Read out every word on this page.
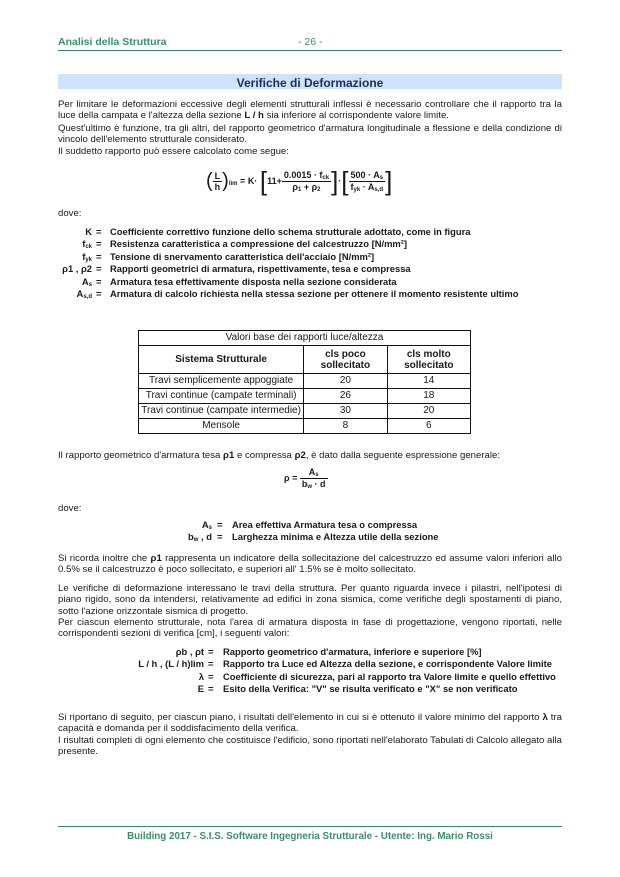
Analisi della Struttura	- 26 -
Verifiche di Deformazione
Per limitare le deformazioni eccessive degli elementi strutturali inflessi è necessario controllare che il rapporto tra la luce della campata e l'altezza della sezione L / h sia inferiore al corrispondente valore limite.
Quest'ultimo è funzione, tra gli altri, del rapporto geometrico d'armatura longitudinale a flessione e della condizione di vincolo dell'elemento strutturale considerato.
Il suddetto rapporto può essere calcolato come segue:
( $\frac{L}{h} )_{lim} = K\cdot [11+ \frac{0.0015 \cdot f_{ck}}{\rho_1 + \rho_2}$ ]·[ $\frac{500 \cdot A_s}{f_{yk} \cdot A_{s,d}}$ ]
dove:
K = Coefficiente correttivo funzione dello schema strutturale adottato, come in figura
$f_{ck}$ = Resistenza caratteristica a compressione del calcestruzzo [N/mm²]
$f_{yk}$ = Tensione di snervamento caratteristica dell'acciaio [N/mm²]
ρ1 , ρ2 = Rapporti geometrici di armatura, rispettivamente, tesa e compressa
$A_s$ = Armatura tesa effettivamente disposta nella sezione considerata
$A_{s,d}$ = Armatura di calcolo richiesta nella stessa sezione per ottenere il momento resistente ultimo
Valori base dei rapporti luce/altezza		
Sistema Strutturale	cls poco sollecitato	cls molto sollecitato
Travi semplicemente appoggiate	20	14
Travi continue (campate terminali)	26	18
Travi continue (campate intermedie)	30	20
Mensole	8	6
Il rapporto geometrico d'armatura tesa ρ1 e compressa ρ2, è dato dalla seguente espressione generale:
$\rho = \frac{A_s}{b_w \cdot d}$
dove:
$A_s$ = Area effettiva Armatura tesa o compressa
$b_w$ , d = Larghezza minima e Altezza utile della sezione
Si ricorda inoltre che ρ1 rappresenta un indicatore della sollecitazione del calcestruzzo ed assume valori inferiori allo 0.5% se il calcestruzzo è poco sollecitato, e superiori all' 1.5% se è molto sollecitato.
Le verifiche di deformazione interessano le travi della struttura. Per quanto riguarda invece i pilastri, nell'ipotesi di piano rigido, sono da intendersi, relativamente ad edifici in zona sismica, come verifiche degli spostamenti di piano, sotto l'azione orizzontale sismica di progetto.
Per ciascun elemento strutturale, nota l'area di armatura disposta in fase di progettazione, vengono riportati, nelle corrispondenti sezioni di verifica [cm], i seguenti valori:
ρb , ρt = Rapporto geometrico d'armatura, inferiore e superiore [%]
L / h , (L / h)lim = Rapporto tra Luce ed Altezza della sezione, e corrispondente Valore limite
λ = Coefficiente di sicurezza, pari al rapporto tra Valore limite e quello effettivo
E = Esito della Verifica: "V" se risulta verificato e "X" se non verificato
Si riportano di seguito, per ciascun piano, i risultati dell'elemento in cui si è ottenuto il valore minimo del rapporto λ tra capacità e domanda per il soddisfacimento della verifica.
I risultati completi di ogni elemento che costituisce l'edificio, sono riportati nell'elaborato Tabulati di Calcolo allegato alla presente.
Building 2017 - S.I.S. Software Ingegneria Strutturale - Utente: Ing. Mario Rossi
